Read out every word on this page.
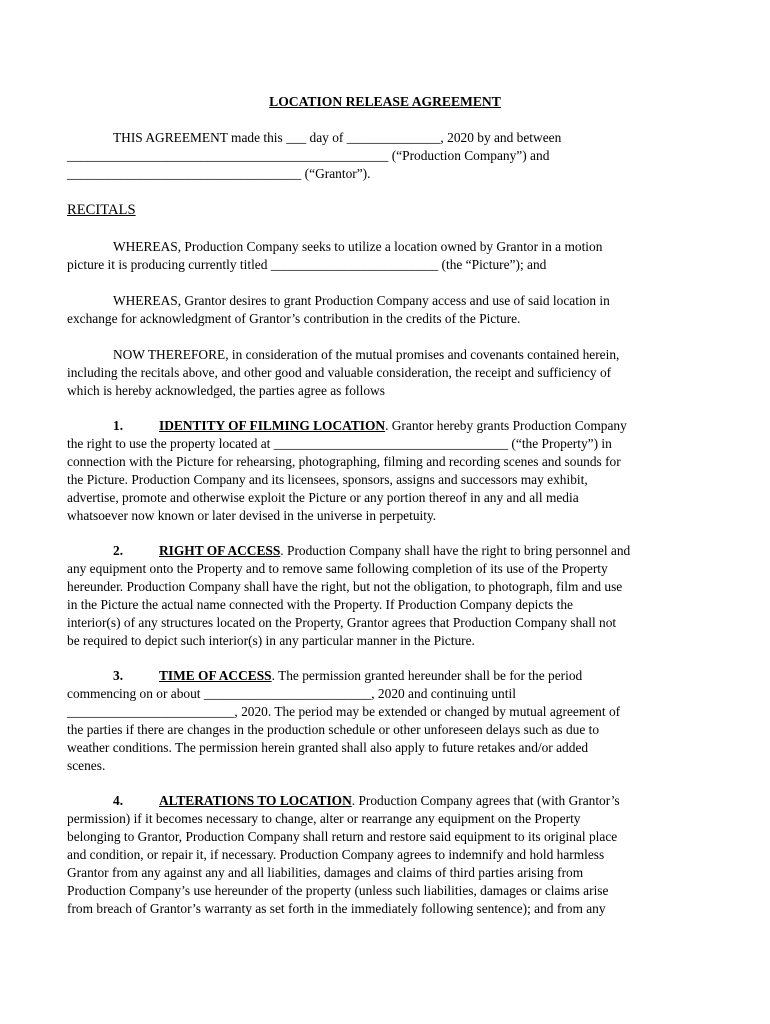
LOCATION RELEASE AGREEMENT

THIS AGREEMENT made this ___ day of ______________, 2020 by and between

________________________________________________ (“Production Company”) and

___________________________________ (“Grantor”).

RECITALS

WHEREAS, Production Company seeks to utilize a location owned by Grantor in a motion

picture it is producing currently titled _________________________ (the “Picture”); and

WHEREAS, Grantor desires to grant Production Company access and use of said location in

exchange for acknowledgment of Grantor’s contribution in the credits of the Picture.

NOW THEREFORE, in consideration of the mutual promises and covenants contained herein,

including the recitals above, and other good and valuable consideration, the receipt and sufficiency of

which is hereby acknowledged, the parties agree as follows

1.	IDENTITY OF FILMING LOCATION. Grantor hereby grants Production Company

the right to use the property located at ___________________________________ (“the Property”) in

connection with the Picture for rehearsing, photographing, filming and recording scenes and sounds for

the Picture. Production Company and its licensees, sponsors, assigns and successors may exhibit,

advertise, promote and otherwise exploit the Picture or any portion thereof in any and all media

whatsoever now known or later devised in the universe in perpetuity.

2.	RIGHT OF ACCESS. Production Company shall have the right to bring personnel and

any equipment onto the Property and to remove same following completion of its use of the Property

hereunder. Production Company shall have the right, but not the obligation, to photograph, film and use

in the Picture the actual name connected with the Property. If Production Company depicts the

interior(s) of any structures located on the Property, Grantor agrees that Production Company shall not

be required to depict such interior(s) in any particular manner in the Picture.

3.	TIME OF ACCESS. The permission granted hereunder shall be for the period

commencing on or about _________________________, 2020 and continuing until

_________________________, 2020. The period may be extended or changed by mutual agreement of

the parties if there are changes in the production schedule or other unforeseen delays such as due to

weather conditions. The permission herein granted shall also apply to future retakes and/or added

scenes.

4.	ALTERATIONS TO LOCATION. Production Company agrees that (with Grantor’s

permission) if it becomes necessary to change, alter or rearrange any equipment on the Property

belonging to Grantor, Production Company shall return and restore said equipment to its original place

and condition, or repair it, if necessary. Production Company agrees to indemnify and hold harmless

Grantor from any against any and all liabilities, damages and claims of third parties arising from

Production Company’s use hereunder of the property (unless such liabilities, damages or claims arise

from breach of Grantor’s warranty as set forth in the immediately following sentence); and from any
